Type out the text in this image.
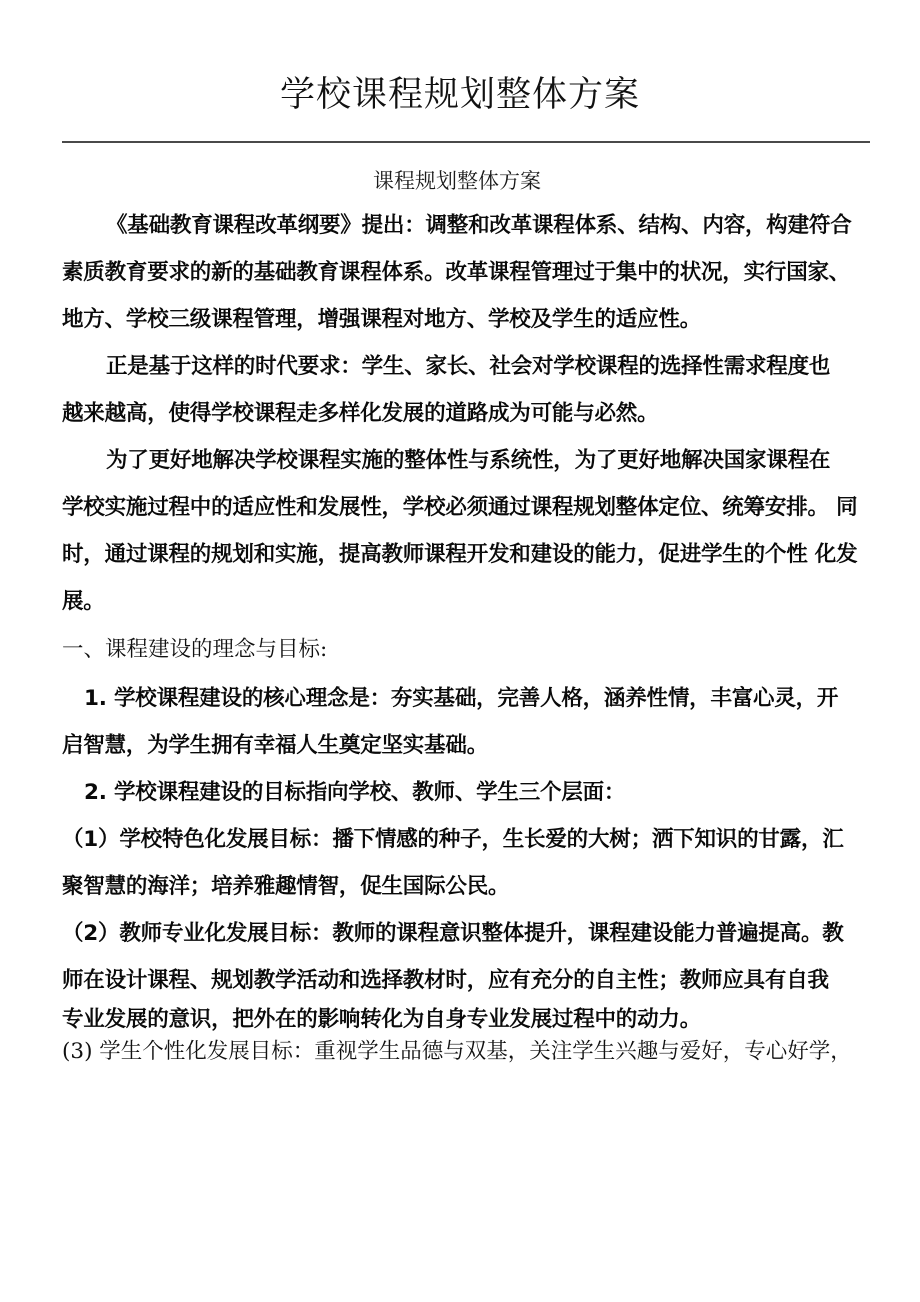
学校课程规划整体方案
课程规划整体方案

《基础教育课程改革纲要》提出：调整和改革课程体系、结构、内容，构建符合

素质教育要求的新的基础教育课程体系。改革课程管理过于集中的状况，实行国家、

地方、学校三级课程管理，增强课程对地方、学校及学生的适应性。

正是基于这样的时代要求：学生、家长、社会对学校课程的选择性需求程度也

越来越高，使得学校课程走多样化发展的道路成为可能与必然。

为了更好地解决学校课程实施的整体性与系统性，为了更好地解决国家课程在

学校实施过程中的适应性和发展性，学校必须通过课程规划整体定位、统筹安排。 同

时，通过课程的规划和实施，提高教师课程开发和建设的能力，促进学生的个性 化发

展。

一、课程建设的理念与目标:

1. 学校课程建设的核心理念是：夯实基础，完善人格，涵养性情，丰富心灵，开

启智慧，为学生拥有幸福人生奠定坚实基础。

2. 学校课程建设的目标指向学校、教师、学生三个层面：

（1）学校特色化发展目标：播下情感的种子，生长爱的大树；洒下知识的甘露，汇

聚智慧的海洋；培养雅趣情智，促生国际公民。

（2）教师专业化发展目标：教师的课程意识整体提升，课程建设能力普遍提高。教

师在设计课程、规划教学活动和选择教材时，应有充分的自主性；教师应具有自我

专业发展的意识，把外在的影响转化为自身专业发展过程中的动力。

(3) 学生个性化发展目标：重视学生品德与双基，关注学生兴趣与爱好，专心好学，
